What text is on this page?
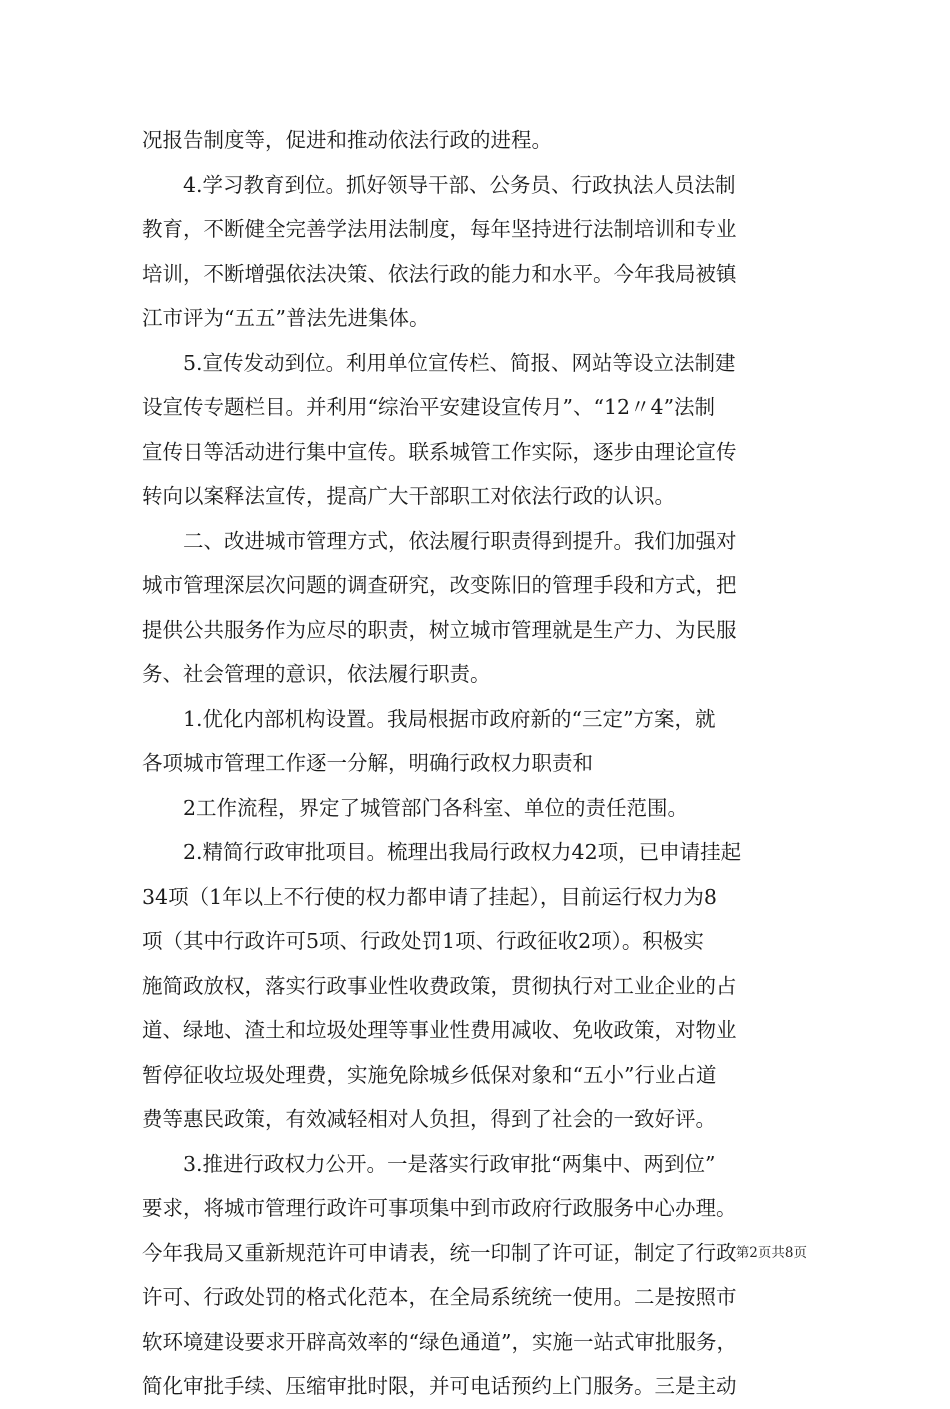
况报告制度等，促进和推动依法行政的进程。
4.学习教育到位。抓好领导干部、公务员、行政执法人员法制
教育，不断健全完善学法用法制度，每年坚持进行法制培训和专业
培训，不断增强依法决策、依法行政的能力和水平。今年我局被镇
江市评为“五五”普法先进集体。
5.宣传发动到位。利用单位宣传栏、简报、网站等设立法制建
设宣传专题栏目。并利用“综治平安建设宣传月”、“12〃4”法制
宣传日等活动进行集中宣传。联系城管工作实际，逐步由理论宣传
转向以案释法宣传，提高广大干部职工对依法行政的认识。
二、改进城市管理方式，依法履行职责得到提升。我们加强对
城市管理深层次问题的调查研究，改变陈旧的管理手段和方式，把
提供公共服务作为应尽的职责，树立城市管理就是生产力、为民服
务、社会管理的意识，依法履行职责。
1.优化内部机构设置。我局根据市政府新的“三定”方案，就
各项城市管理工作逐一分解，明确行政权力职责和
2工作流程，界定了城管部门各科室、单位的责任范围。
2.精简行政审批项目。梳理出我局行政权力42项，已申请挂起
34项（1年以上不行使的权力都申请了挂起），目前运行权力为8
项（其中行政许可5项、行政处罚1项、行政征收2项）。积极实
施简政放权，落实行政事业性收费政策，贯彻执行对工业企业的占
道、绿地、渣土和垃圾处理等事业性费用减收、免收政策，对物业
暂停征收垃圾处理费，实施免除城乡低保对象和“五小”行业占道
费等惠民政策，有效减轻相对人负担，得到了社会的一致好评。
3.推进行政权力公开。一是落实行政审批“两集中、两到位”
要求，将城市管理行政许可事项集中到市政府行政服务中心办理。
今年我局又重新规范许可申请表，统一印制了许可证，制定了行政
许可、行政处罚的格式化范本，在全局系统统一使用。二是按照市
软环境建设要求开辟高效率的“绿色通道”，实施一站式审批服务，
简化审批手续、压缩审批时限，并可电话预约上门服务。三是主动
第2页共8页
